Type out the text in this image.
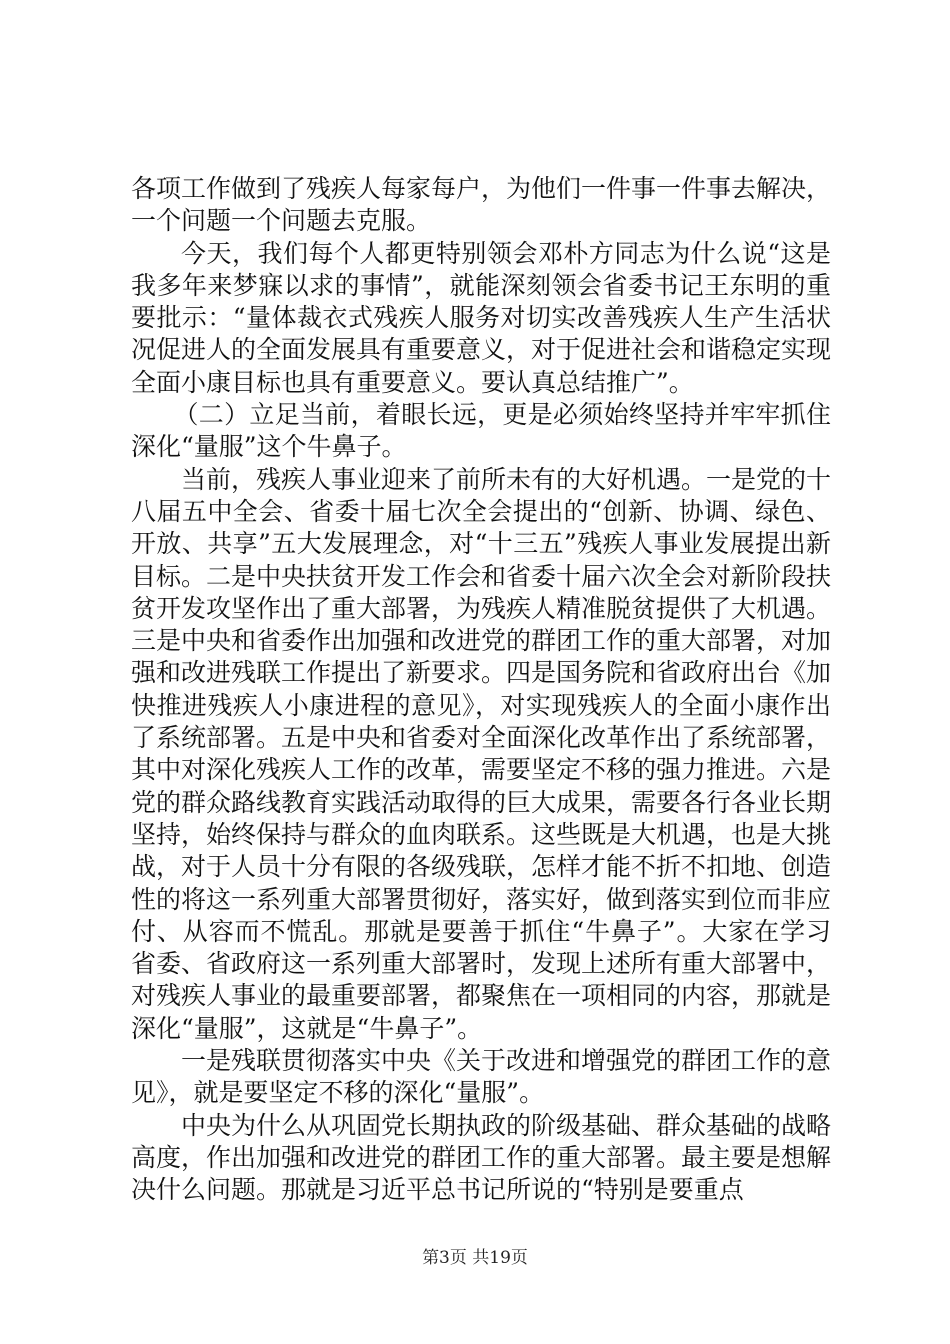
各项工作做到了残疾人每家每户，为他们一件事一件事去解决，一个问题一个问题去克服。

今天，我们每个人都更特别领会邓朴方同志为什么说“这是我多年来梦寐以求的事情”，就能深刻领会省委书记王东明的重要批示：“量体裁衣式残疾人服务对切实改善残疾人生产生活状况促进人的全面发展具有重要意义，对于促进社会和谐稳定实现全面小康目标也具有重要意义。要认真总结推广”。

（二）立足当前，着眼长远，更是必须始终坚持并牢牢抓住深化“量服”这个牛鼻子。

当前，残疾人事业迎来了前所未有的大好机遇。一是党的十八届五中全会、省委十届七次全会提出的“创新、协调、绿色、开放、共享”五大发展理念，对“十三五”残疾人事业发展提出新目标。二是中央扶贫开发工作会和省委十届六次全会对新阶段扶贫开发攻坚作出了重大部署，为残疾人精准脱贫提供了大机遇。三是中央和省委作出加强和改进党的群团工作的重大部署，对加强和改进残联工作提出了新要求。四是国务院和省政府出台《加快推进残疾人小康进程的意见》，对实现残疾人的全面小康作出了系统部署。五是中央和省委对全面深化改革作出了系统部署，其中对深化残疾人工作的改革，需要坚定不移的强力推进。六是党的群众路线教育实践活动取得的巨大成果，需要各行各业长期坚持，始终保持与群众的血肉联系。这些既是大机遇，也是大挑战，对于人员十分有限的各级残联，怎样才能不折不扣地、创造性的将这一系列重大部署贯彻好，落实好，做到落实到位而非应付、从容而不慌乱。那就是要善于抓住“牛鼻子”。大家在学习省委、省政府这一系列重大部署时，发现上述所有重大部署中，对残疾人事业的最重要部署，都聚焦在一项相同的内容，那就是深化“量服”，这就是“牛鼻子”。

一是残联贯彻落实中央《关于改进和增强党的群团工作的意见》，就是要坚定不移的深化“量服”。

中央为什么从巩固党长期执政的阶级基础、群众基础的战略高度，作出加强和改进党的群团工作的重大部署。最主要是想解决什么问题。那就是习近平总书记所说的“特别是要重点

第3页 共19页
